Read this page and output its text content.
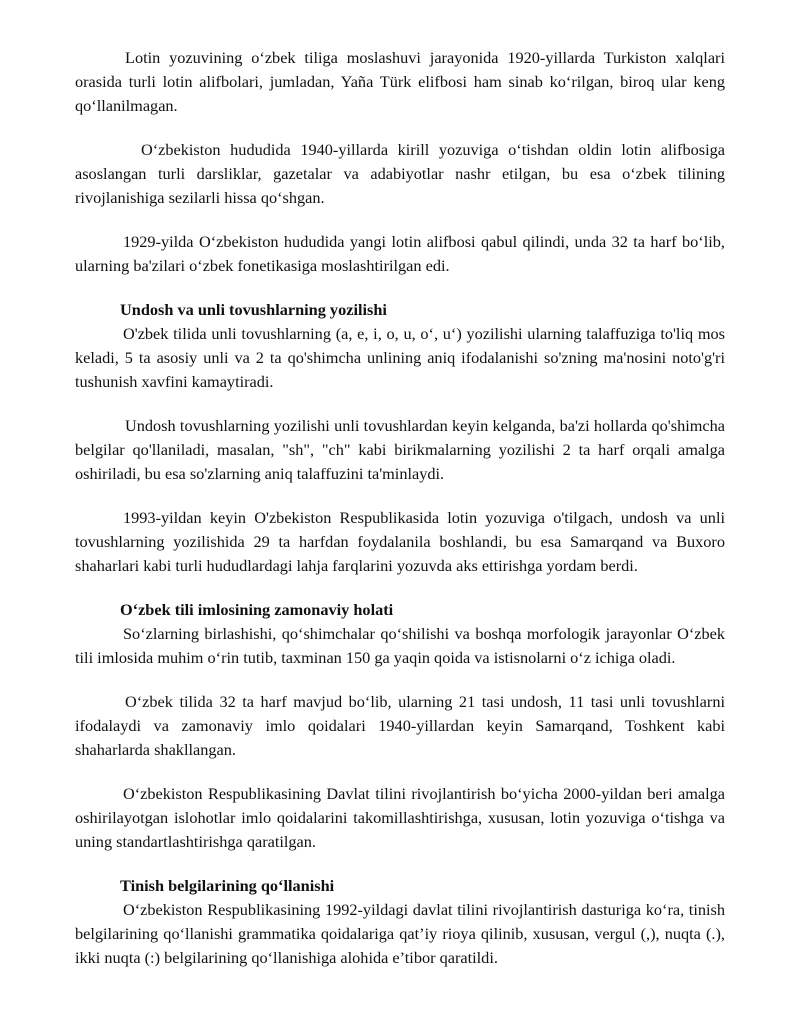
Lotin yozuvining o‘zbek tiliga moslashuvi jarayonida 1920-yillarda Turkiston xalqlari orasida turli lotin alifbolari, jumladan, Yaña Türk elifbosi ham sinab ko‘rilgan, biroq ular keng qo‘llanilmagan.

O‘zbekiston hududida 1940-yillarda kirill yozuviga o‘tishdan oldin lotin alifbosiga asoslangan turli darsliklar, gazetalar va adabiyotlar nashr etilgan, bu esa o‘zbek tilining rivojlanishiga sezilarli hissa qo‘shgan.

1929-yilda O‘zbekiston hududida yangi lotin alifbosi qabul qilindi, unda 32 ta harf bo‘lib, ularning ba'zilari o‘zbek fonetikasiga moslashtirilgan edi.

Undosh va unli tovushlarning yozilishi

O'zbek tilida unli tovushlarning (a, e, i, o, u, o‘, u‘) yozilishi ularning talaffuziga to'liq mos keladi, 5 ta asosiy unli va 2 ta qo'shimcha unlining aniq ifodalanishi so'zning ma'nosini noto'g'ri tushunish xavfini kamaytiradi.

Undosh tovushlarning yozilishi unli tovushlardan keyin kelganda, ba'zi hollarda qo'shimcha belgilar qo'llaniladi, masalan, "sh", "ch" kabi birikmalarning yozilishi 2 ta harf orqali amalga oshiriladi, bu esa so'zlarning aniq talaffuzini ta'minlaydi.

1993-yildan keyin O'zbekiston Respublikasida lotin yozuviga o'tilgach, undosh va unli tovushlarning yozilishida 29 ta harfdan foydalanila boshlandi, bu esa Samarqand va Buxoro shaharlari kabi turli hududlardagi lahja farqlarini yozuvda aks ettirishga yordam berdi.

O‘zbek tili imlosining zamonaviy holati

So‘zlarning birlashishi, qo‘shimchalar qo‘shilishi va boshqa morfologik jarayonlar O‘zbek tili imlosida muhim o‘rin tutib, taxminan 150 ga yaqin qoida va istisnolarni o‘z ichiga oladi.

O‘zbek tilida 32 ta harf mavjud bo‘lib, ularning 21 tasi undosh, 11 tasi unli tovushlarni ifodalaydi va zamonaviy imlo qoidalari 1940-yillardan keyin Samarqand, Toshkent kabi shaharlarda shakllangan.

O‘zbekiston Respublikasining Davlat tilini rivojlantirish bo‘yicha 2000-yildan beri amalga oshirilayotgan islohotlar imlo qoidalarini takomillashtirishga, xususan, lotin yozuviga o‘tishga va uning standartlashtirishga qaratilgan.

Tinish belgilarining qo‘llanishi

O‘zbekiston Respublikasining 1992-yildagi davlat tilini rivojlantirish dasturiga ko‘ra, tinish belgilarining qo‘llanishi grammatika qoidalariga qat’iy rioya qilinib, xususan, vergul (,), nuqta (.), ikki nuqta (:) belgilarining qo‘llanishiga alohida e’tibor qaratildi.
